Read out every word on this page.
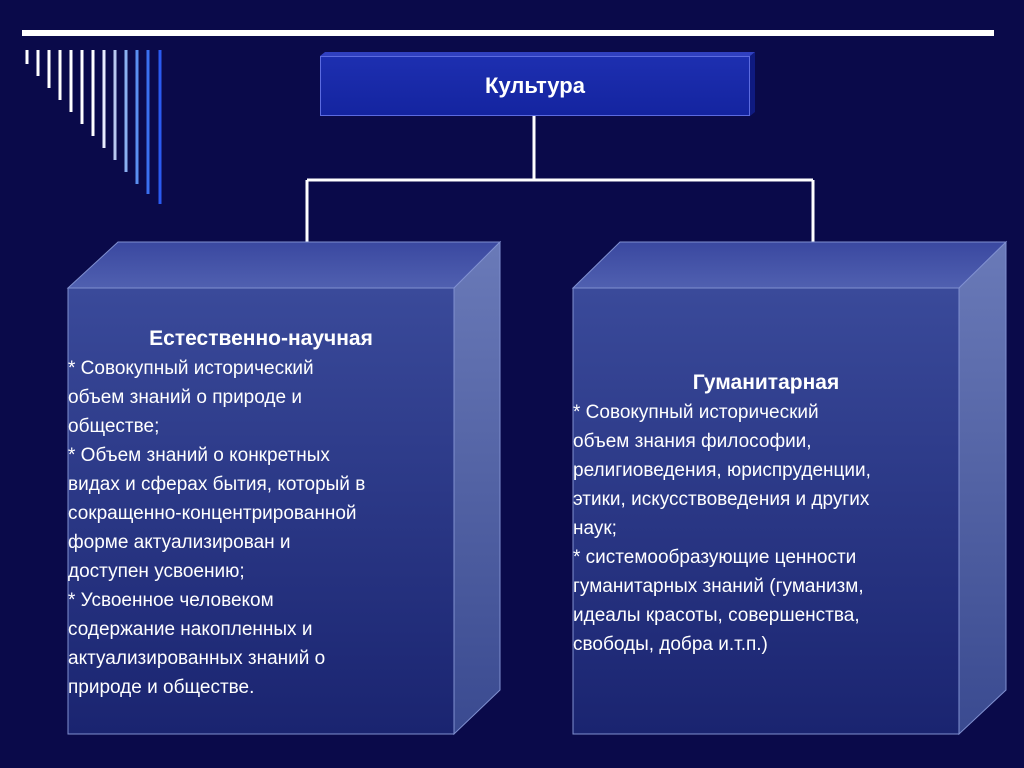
Культура
Естественно-научная
* Совокупный исторический
объем знаний о природе и
обществе;
* Объем знаний о конкретных
видах и сферах бытия, который в
сокращенно-концентрированной
форме актуализирован и
доступен усвоению;
* Усвоенное человеком
содержание накопленных и
актуализированных знаний о
природе и обществе.
Гуманитарная
* Совокупный исторический
объем знания философии,
религиоведения, юриспруденции,
этики, искусствоведения и других
наук;
* системообразующие ценности
гуманитарных знаний (гуманизм,
идеалы красоты, совершенства,
свободы, добра и.т.п.)
